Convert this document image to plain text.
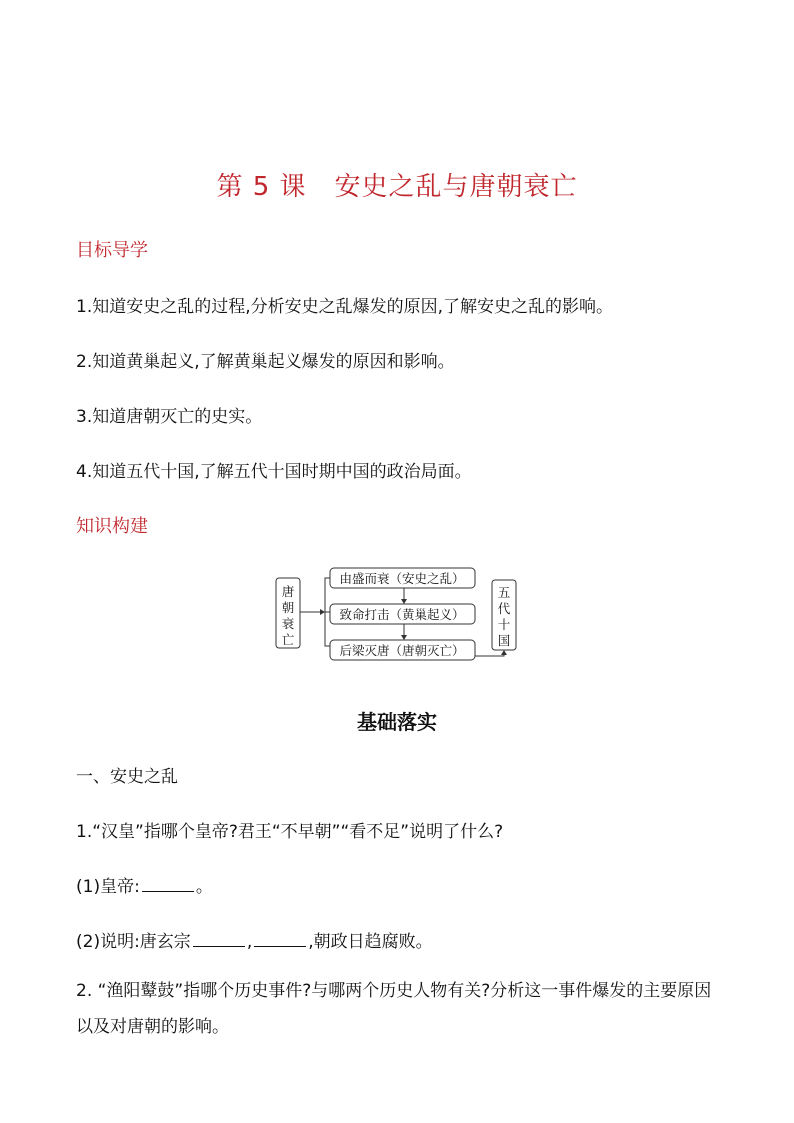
第 5 课 安史之乱与唐朝衰亡
目标导学
1.知道安史之乱的过程,分析安史之乱爆发的原因,了解安史之乱的影响。
2.知道黄巢起义,了解黄巢起义爆发的原因和影响。
3.知道唐朝灭亡的史实。
4.知道五代十国,了解五代十国时期中国的政治局面。
知识构建
唐
朝
衰
亡
由盛而衰（安史之乱）
致命打击（黄巢起义）
后梁灭唐（唐朝灭亡）
五
代
十
国
基础落实
一、安史之乱
1.“汉皇”指哪个皇帝?君王“不早朝”“看不足”说明了什么?
(1)皇帝:	。
(2)说明:唐玄宗	,	,朝政日趋腐败。
2. “渔阳鼙鼓”指哪个历史事件?与哪两个历史人物有关?分析这一事件爆发的主要原因以及对唐朝的影响。
